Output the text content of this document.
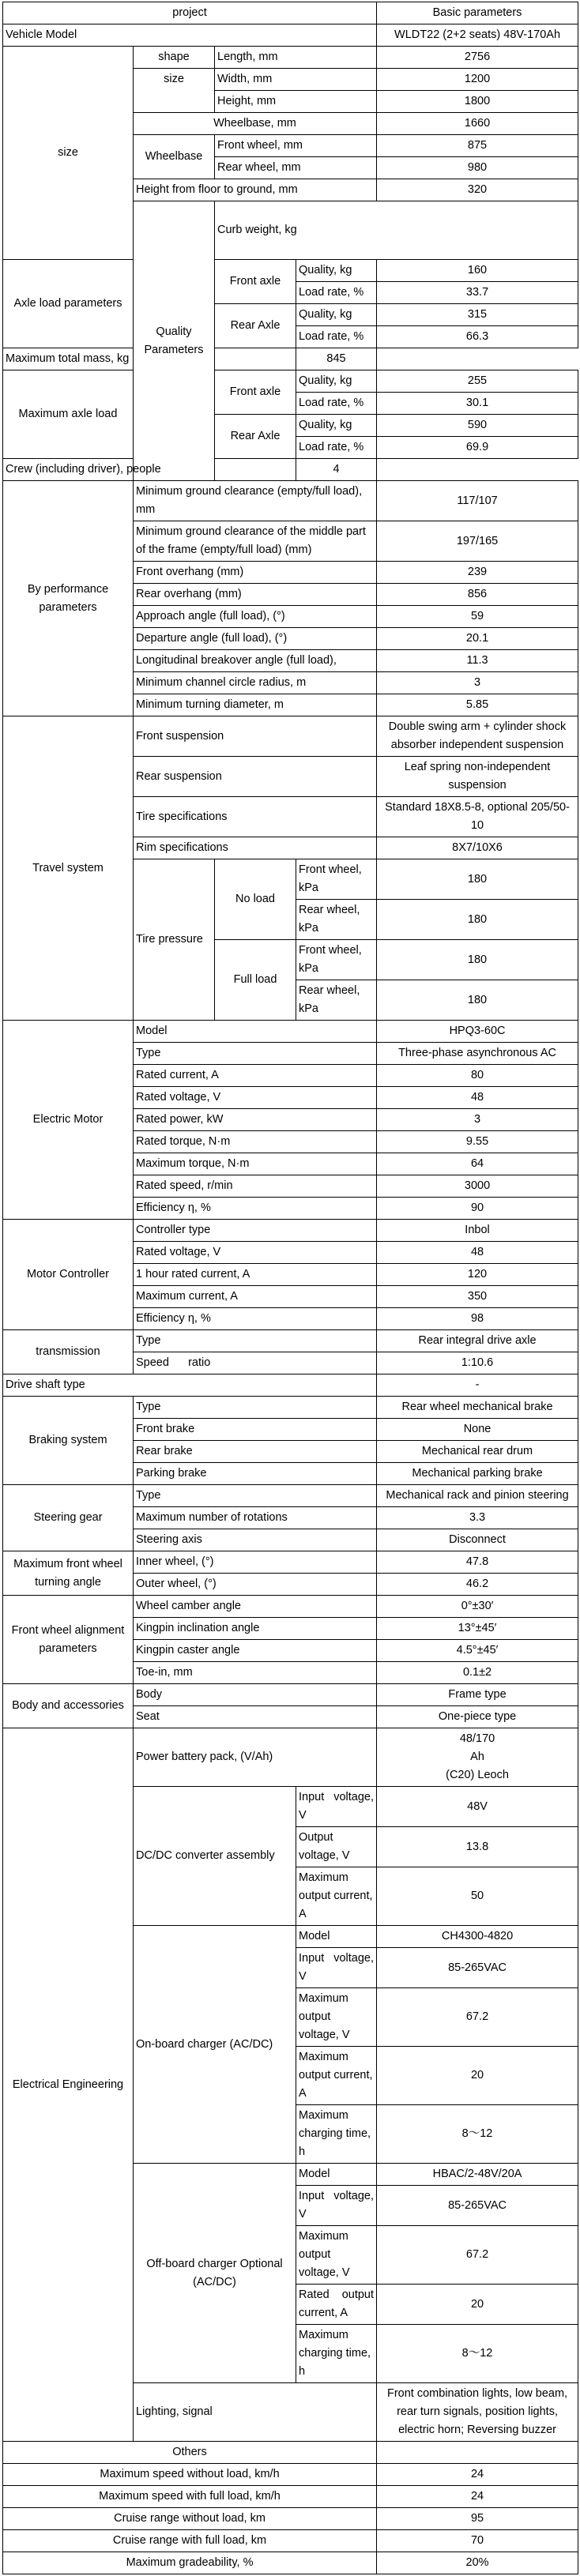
project				Basic parameters	
Vehicle Model				WLDT22 (2+2 seats) 48V-170Ah	
size	shape	Length, mm		2756	
	size	Width, mm		1200	
		Height, mm		1800	
	Wheelbase, mm			1660	
	Wheelbase	Front wheel, mm		875	
		Rear wheel, mm		980	
	Height from floor to ground, mm			320	
	Quality Parameters	Curb weight, kg	
Axle load parameters		Front axle	Quality, kg	160	
			Load rate, %	33.7	
		Rear Axle	Quality, kg	315	
			Load rate, %	66.3	
Maximum total mass, kg			845		
Maximum axle load		Front axle	Quality, kg	255	
			Load rate, %	30.1	
		Rear Axle	Quality, kg	590	
			Load rate, %	69.9	
Crew (including driver), people			4		
By performance parameters	Minimum ground clearance (empty/full load), mm			117/107	
	Minimum ground clearance of the middle part of the frame (empty/full load) (mm)			197/165	
	Front overhang (mm)			239	
	Rear overhang (mm)			856	
	Approach angle (full load), (°)			59	
	Departure angle (full load), (°)			20.1	
	Longitudinal breakover angle (full load),			11.3	
	Minimum channel circle radius, m			3	
	Minimum turning diameter, m			5.85	
Travel system	Front suspension			Double swing arm + cylinder shock absorber independent suspension	
	Rear suspension			Leaf spring non-independent suspension	
	Tire specifications			Standard 18X8.5-8, optional 205/50-10	
	Rim specifications			8X7/10X6	
	Tire pressure	No load	Front wheel, kPa	180	
			Rear wheel, kPa	180	
		Full load	Front wheel, kPa	180	
			Rear wheel, kPa	180	
Electric Motor	Model			HPQ3-60C	
	Type			Three-phase asynchronous AC	
	Rated current, A			80	
	Rated voltage, V			48	
	Rated power, kW			3	
	Rated torque, N·m			9.55	
	Maximum torque, N·m			64	
	Rated speed, r/min			3000	
	Efficiency η, %			90	
Motor Controller	Controller type			Inbol	
	Rated voltage, V			48	
	1 hour rated current, A			120	
	Maximum current, A			350	
	Efficiency η, %			98	
transmission	Type			Rear integral drive axle	
	Speed      ratio			1:10.6	
Drive shaft type				-	
Braking system	Type			Rear wheel mechanical brake	
	Front brake			None	
	Rear brake			Mechanical rear drum	
	Parking brake			Mechanical parking brake	
Steering gear	Type			Mechanical rack and pinion steering	
	Maximum number of rotations			3.3	
	Steering axis			Disconnect	
Maximum front wheel turning angle	Inner wheel, (°)			47.8	
	Outer wheel, (°)			46.2	
Front wheel alignment parameters	Wheel camber angle			0°±30′	
	Kingpin inclination angle			13°±45′	
	Kingpin caster angle			4.5°±45′	
	Toe-in, mm			0.1±2	
Body and accessories	Body			Frame type	
	Seat			One-piece type	
Electrical Engineering	Power battery pack, (V/Ah)			48/170
Ah
(C20) Leoch	

	DC/DC converter assembly		Input voltage, V	48V	
			Output voltage, V	13.8	
			Maximum output current, A	50	
	On-board charger (AC/DC)		Model	CH4300-4820	
			Input voltage, V	85-265VAC	
			Maximum output voltage, V	67.2	
			Maximum output current, A	20	
			Maximum charging time, h	8～12	
	Off-board charger Optional (AC/DC)		Model	HBAC/2-48V/20A	
			Input voltage, V	85-265VAC	
			Maximum output voltage, V	67.2	
			Rated output current, A	20	
			Maximum charging time, h	8～12	
	Lighting, signal			Front combination lights, low beam, rear turn signals, position lights, electric horn; Reversing buzzer	
Others					
Maximum speed without load, km/h				24	
Maximum speed with full load, km/h				24	
Cruise range without load, km				95	
Cruise range with full load, km				70	
Maximum gradeability, %				20%	
